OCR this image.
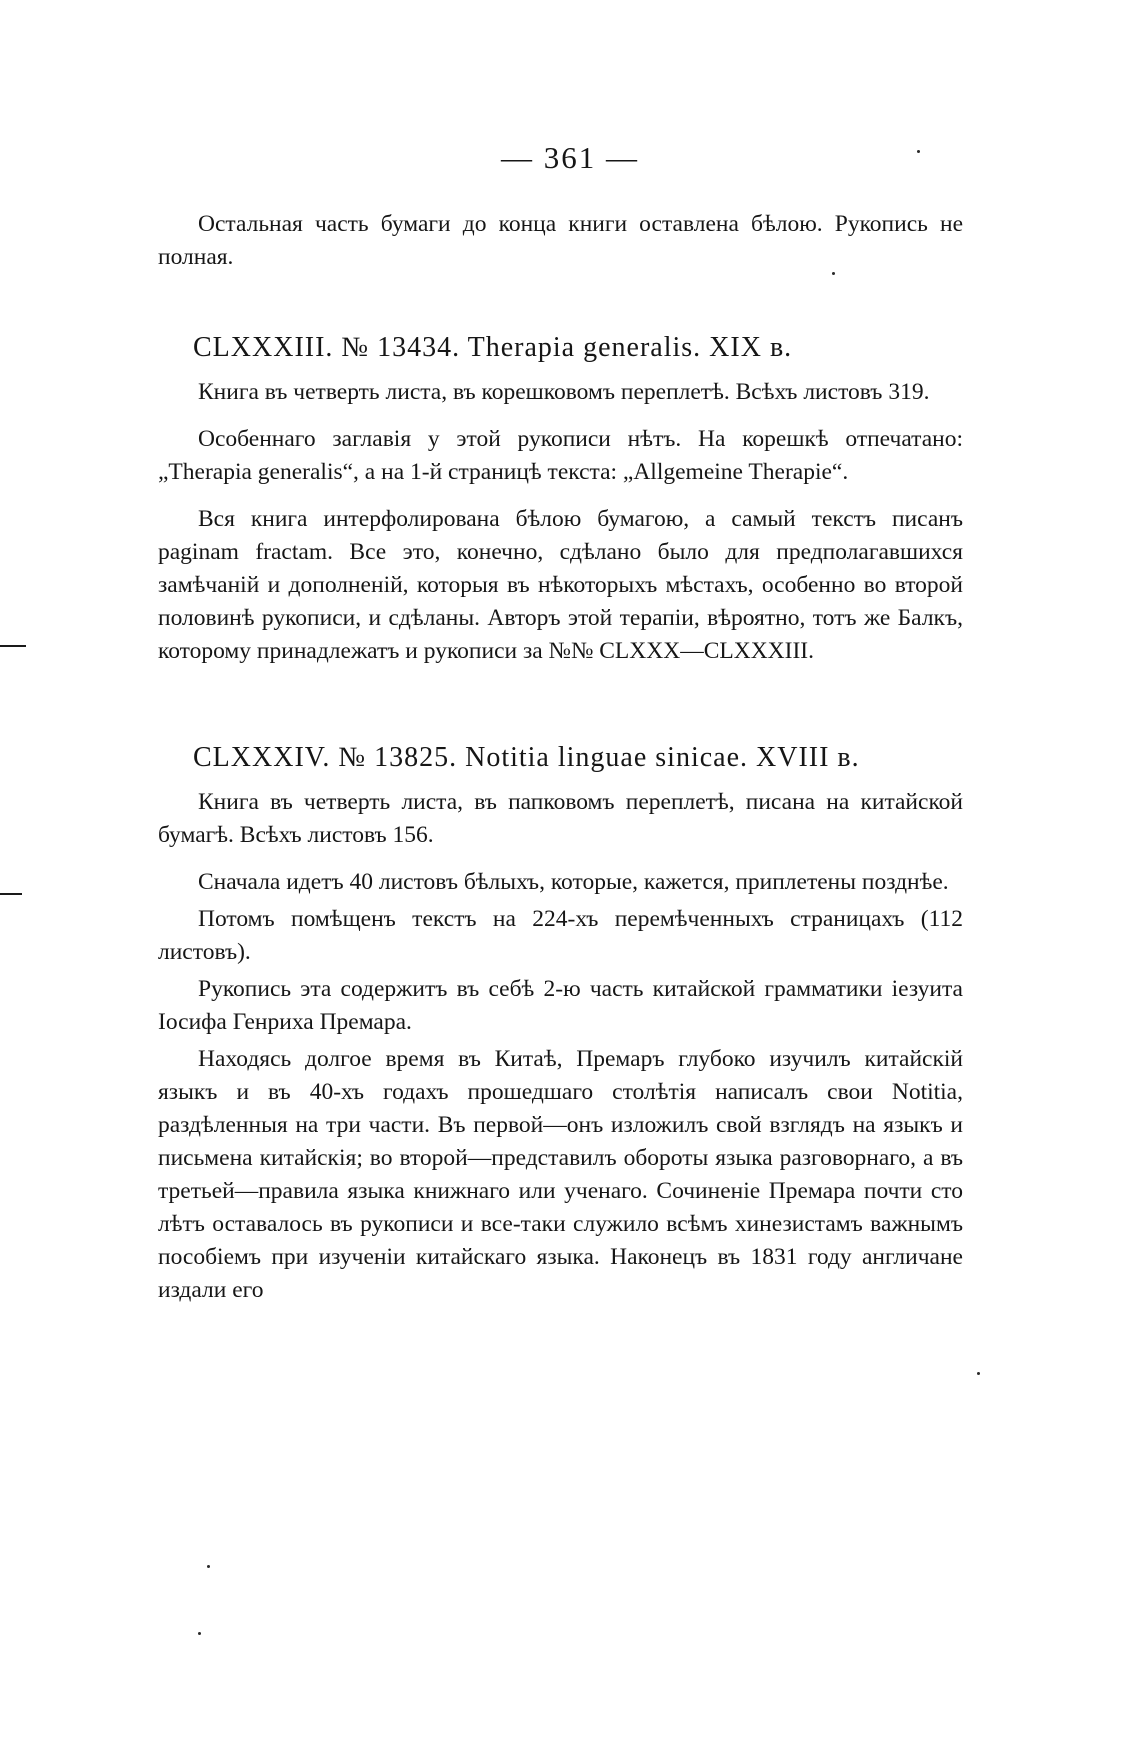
— 361 —

Остальная часть бумаги до конца книги оставлена бѣлою. Рукопись не полная.

CLXXXIII. № 13434. Therapia generalis. XIX в.

Книга въ четверть листа, въ корешковомъ переплетѣ. Всѣхъ листовъ 319.

Особеннаго заглавія у этой рукописи нѣтъ. На корешкѣ отпечатано: „Therapia generalis“, а на 1-й страницѣ текста: „Allgemeine Therapie“.

Вся книга интерфолирована бѣлою бумагою, а самый текстъ писанъ paginam fractam. Все это, конечно, сдѣлано было для предполагавшихся замѣчаній и дополненій, которыя въ нѣкоторыхъ мѣстахъ, особенно во второй половинѣ рукописи, и сдѣланы. Авторъ этой терапіи, вѣроятно, тотъ же Балкъ, которому принадлежатъ и рукописи за №№ CLXXX—CLXXXIII.

CLXXXIV. № 13825. Notitia linguae sinicae. XVIII в.

Книга въ четверть листа, въ папковомъ переплетѣ, писана на китайской бумагѣ. Всѣхъ листовъ 156.

Сначала идетъ 40 листовъ бѣлыхъ, которые, кажется, приплетены позднѣе.

Потомъ помѣщенъ текстъ на 224-хъ перемѣченныхъ страницахъ (112 листовъ).

Рукопись эта содержитъ въ себѣ 2-ю часть китайской грамматики іезуита Іосифа Генриха Премара.

Находясь долгое время въ Китаѣ, Премаръ глубоко изучилъ китайскій языкъ и въ 40-хъ годахъ прошедшаго столѣтія написалъ свои Notitia, раздѣленныя на три части. Въ первой—онъ изложилъ свой взглядъ на языкъ и письмена китайскія; во второй—представилъ обороты языка разговорнаго, а въ третьей—правила языка книжнаго или ученаго. Сочиненіе Премара почти сто лѣтъ оставалось въ рукописи и все-таки служило всѣмъ хинезистамъ важнымъ пособіемъ при изученіи китайскаго языка. Наконецъ въ 1831 году англичане издали его
